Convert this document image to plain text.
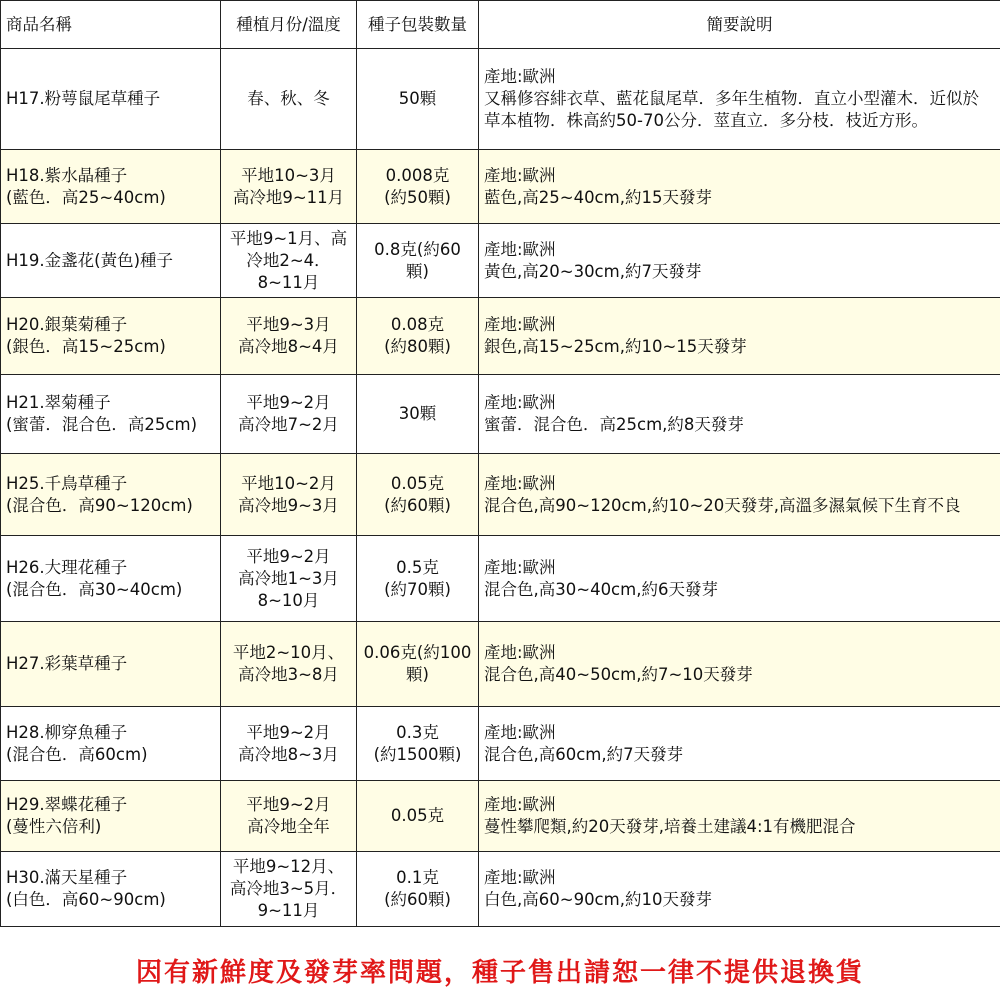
商品名稱	種植月份/溫度	種子包裝數量	簡要說明

H17.粉萼鼠尾草種子	春、秋、冬	50顆	產地:歐洲
又稱修容緋衣草、藍花鼠尾草．多年生植物．直立小型灌木．近似於草本植物．株高約50-70公分．莖直立．多分枝．枝近方形。

H18.紫水晶種子
(藍色．高25~40cm)	平地10~3月
高冷地9~11月	0.008克
(約50顆)	產地:歐洲
藍色,高25~40cm,約15天發芽

H19.金盞花(黃色)種子	平地9~1月、高
冷地2~4．
8~11月	0.8克(約60
顆)	產地:歐洲
黃色,高20~30cm,約7天發芽

H20.銀葉菊種子
(銀色．高15~25cm)	平地9~3月
高冷地8~4月	0.08克
(約80顆)	產地:歐洲
銀色,高15~25cm,約10~15天發芽

H21.翠菊種子
(蜜蕾．混合色．高25cm)	平地9~2月
高冷地7~2月	30顆	產地:歐洲
蜜蕾．混合色．高25cm,約8天發芽

H25.千鳥草種子
(混合色．高90~120cm)	平地10~2月
高冷地9~3月	0.05克
(約60顆)	產地:歐洲
混合色,高90~120cm,約10~20天發芽,高溫多濕氣候下生育不良

H26.大理花種子
(混合色．高30~40cm)	平地9~2月
高冷地1~3月
8~10月	0.5克
(約70顆)	產地:歐洲
混合色,高30~40cm,約6天發芽

H27.彩葉草種子	平地2~10月、
高冷地3~8月	0.06克(約100
顆)	產地:歐洲
混合色,高40~50cm,約7~10天發芽

H28.柳穿魚種子
(混合色．高60cm)	平地9~2月
高冷地8~3月	0.3克
(約1500顆)	產地:歐洲
混合色,高60cm,約7天發芽

H29.翠蝶花種子
(蔓性六倍利)	平地9~2月
高冷地全年	0.05克	產地:歐洲
蔓性攀爬類,約20天發芽,培養土建議4:1有機肥混合

H30.滿天星種子
(白色．高60~90cm)	平地9~12月、
高冷地3~5月．
9~11月	0.1克
(約60顆)	產地:歐洲
白色,高60~90cm,約10天發芽
因有新鮮度及發芽率問題，種子售出請恕一律不提供退換貨
